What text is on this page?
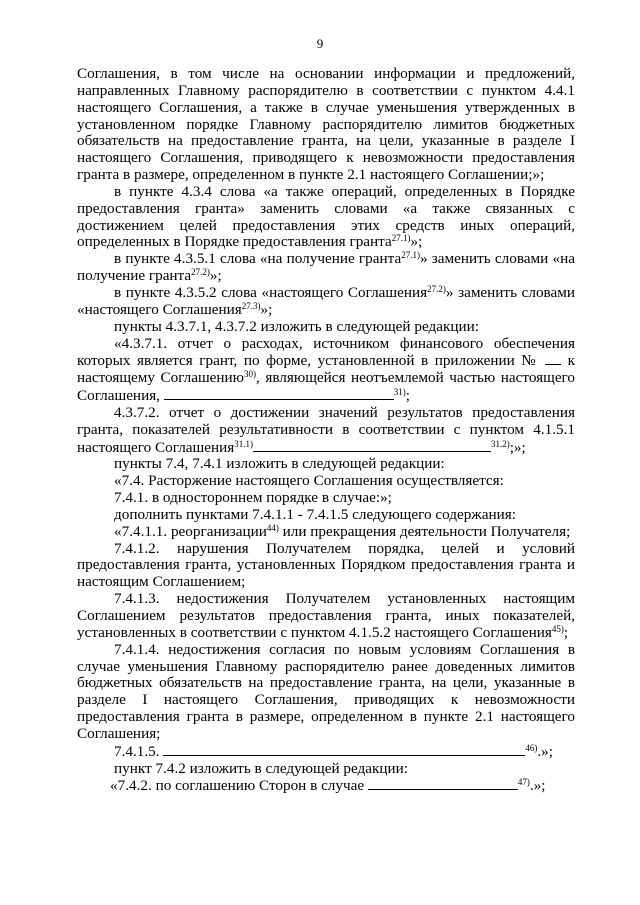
9
Соглашения, в том числе на основании информации и предложений, направленных Главному распорядителю в соответствии с пунктом 4.4.1 настоящего Соглашения, а также в случае уменьшения утвержденных в установленном порядке Главному распорядителю лимитов бюджетных обязательств на предоставление гранта, на цели, указанные в разделе I настоящего Соглашения, приводящего к невозможности предоставления гранта в размере, определенном в пункте 2.1 настоящего Соглашении;»;
в пункте 4.3.4 слова «а также операций, определенных в Порядке предоставления гранта» заменить словами «а также связанных с достижением целей предоставления этих средств иных операций, определенных в Порядке предоставления гранта$^{27.1)}$»;
в пункте 4.3.5.1 слова «на получение гранта$^{27.1)}$» заменить словами «на получение гранта$^{27.2)}$»;
в пункте 4.3.5.2 слова «настоящего Соглашения$^{27.2)}$» заменить словами «настоящего Соглашения$^{27.3)}$»;
пункты 4.3.7.1, 4.3.7.2 изложить в следующей редакции:
«4.3.7.1. отчет о расходах, источником финансового обеспечения которых является грант, по форме, установленной в приложении №  к настоящему Соглашению$^{30)}$, являющейся неотъемлемой частью настоящего Соглашения,	$^{31)}$;
4.3.7.2. отчет о достижении значений результатов предоставления гранта, показателей результативности в соответствии с пунктом 4.1.5.1 настоящего Соглашения$^{31.1)}$	$^{31.2)}$;»;
пункты 7.4, 7.4.1 изложить в следующей редакции:
«7.4. Расторжение настоящего Соглашения осуществляется:
7.4.1. в одностороннем порядке в случае:»;
дополнить пунктами 7.4.1.1 - 7.4.1.5 следующего содержания:
«7.4.1.1. реорганизации$^{44)}$ или прекращения деятельности Получателя;
7.4.1.2. нарушения Получателем порядка, целей и условий предоставления гранта, установленных Порядком предоставления гранта и настоящим Соглашением;
7.4.1.3. недостижения Получателем установленных настоящим Соглашением результатов предоставления гранта, иных показателей, установленных в соответствии с пунктом 4.1.5.2 настоящего Соглашения$^{45)}$;
7.4.1.4. недостижения согласия по новым условиям Соглашения в случае уменьшения Главному распорядителю ранее доведенных лимитов бюджетных обязательств на предоставление гранта, на цели, указанные в разделе I настоящего Соглашения, приводящих к невозможности предоставления гранта в размере, определенном в пункте 2.1 настоящего Соглашения;
7.4.1.5.	$^{46)}$.»;
пункт 7.4.2 изложить в следующей редакции:
«7.4.2. по соглашению Сторон в случае	$^{47)}$.»;
